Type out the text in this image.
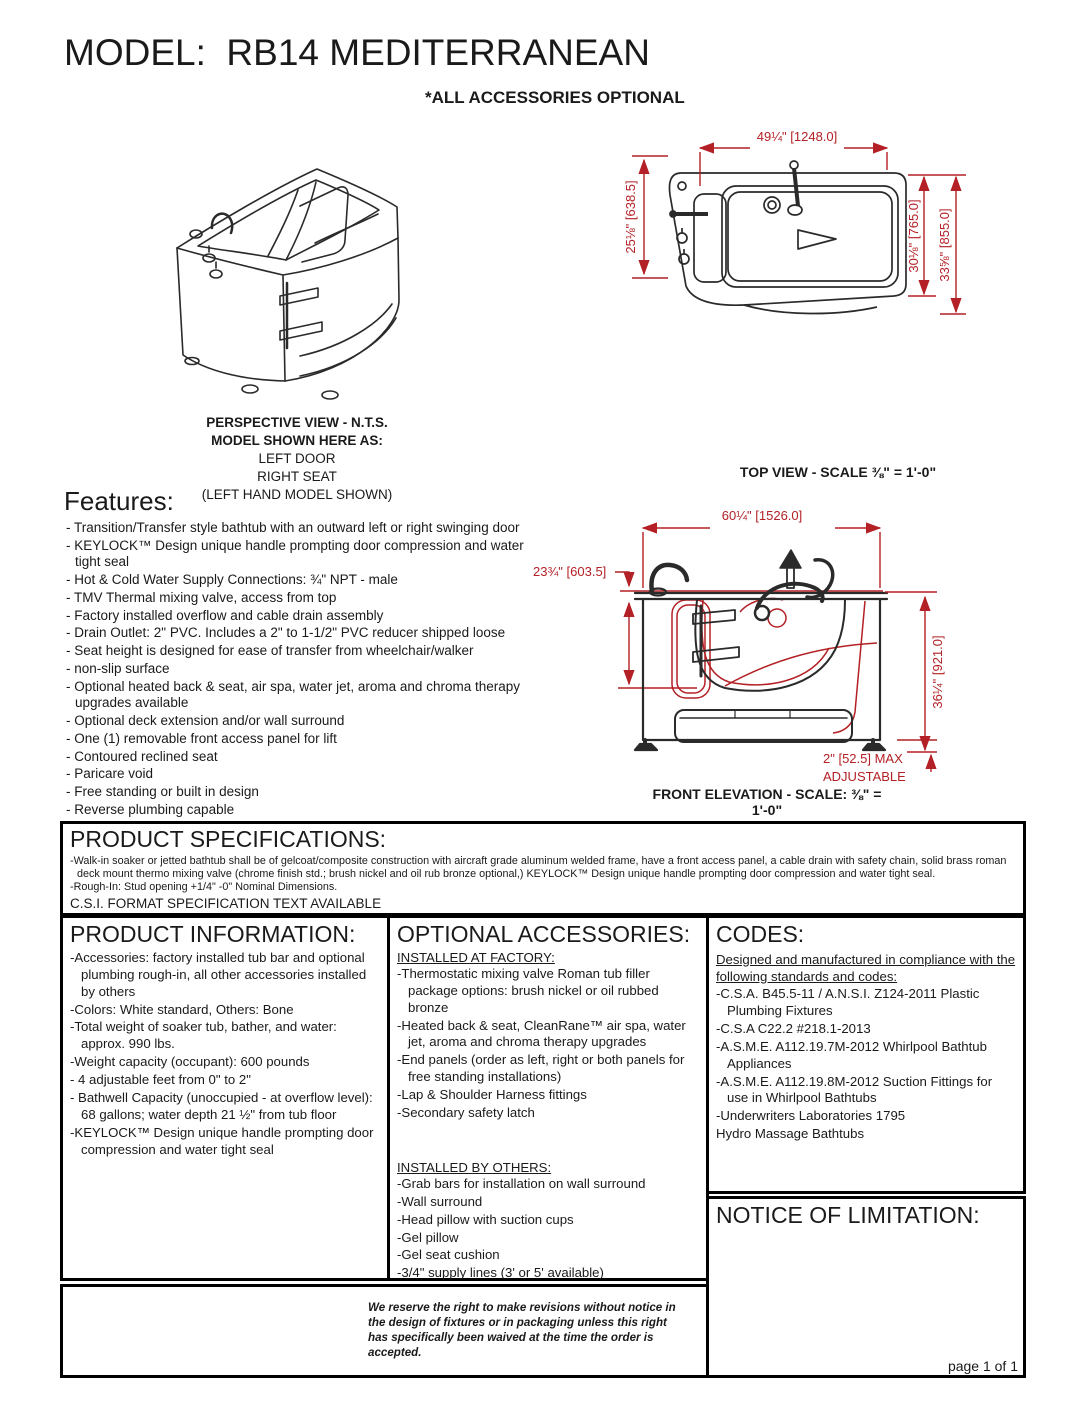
MODEL:  RB14 MEDITERRANEAN
*ALL ACCESSORIES OPTIONAL
PERSPECTIVE VIEW - N.T.S.
MODEL SHOWN HERE AS:
LEFT DOOR
RIGHT SEAT
(LEFT HAND MODEL SHOWN)
49¼" [1248.0]
25⅛" [638.5]	30⅛" [765.0] 33⅝" [855.0]
TOP VIEW - SCALE ⅜" = 1'-0"
Features:
- Transition/Transfer style bathtub with an outward left or right swinging door
- KEYLOCK™ Design unique handle prompting door compression and water tight seal
- Hot & Cold Water Supply Connections: ¾" NPT - male
- TMV Thermal mixing valve, access from top
- Factory installed overflow and cable drain assembly
- Drain Outlet: 2" PVC. Includes a 2" to 1-1/2" PVC reducer shipped loose
- Seat height is designed for ease of transfer from wheelchair/walker
- non-slip surface
- Optional heated back & seat, air spa, water jet, aroma and chroma therapy upgrades available
- Optional deck extension and/or wall surround
- One (1) removable front access panel for lift
- Contoured reclined seat
- Paricare void
- Free standing or built in design
- Reverse plumbing capable
60¼" [1526.0]
23¾" [603.5]
36¼" [921.0]
2" [52.5] MAX
ADJUSTABLE
FRONT ELEVATION - SCALE: ⅜" = 1'-0"
PRODUCT SPECIFICATIONS:
-Walk-in soaker or jetted bathtub shall be of gelcoat/composite construction with aircraft grade aluminum welded frame, have a front access panel, a cable drain with safety chain, solid brass roman deck mount thermo mixing valve (chrome finish std.; brush nickel and oil rub bronze optional,) KEYLOCK™ Design unique handle prompting door compression and water tight seal.
-Rough-In: Stud opening +1/4" -0" Nominal Dimensions.
C.S.I. FORMAT SPECIFICATION TEXT AVAILABLE
PRODUCT INFORMATION:
-Accessories: factory installed tub bar and optional plumbing rough-in, all other accessories installed by others
-Colors: White standard, Others: Bone
-Total weight of soaker tub, bather, and water: approx. 990 lbs.
-Weight capacity (occupant): 600 pounds
- 4 adjustable feet from 0" to 2"
- Bathwell Capacity (unoccupied - at overflow level): 68 gallons; water depth 21 ½" from tub floor
-KEYLOCK™ Design unique handle prompting door compression and water tight seal
OPTIONAL ACCESSORIES:
INSTALLED AT FACTORY:
-Thermostatic mixing valve Roman tub filler package options: brush nickel or oil rubbed bronze
-Heated back & seat, CleanRane™ air spa, water jet, aroma and chroma therapy upgrades
-End panels (order as left, right or both panels for free standing installations)
-Lap & Shoulder Harness fittings
-Secondary safety latch
INSTALLED BY OTHERS:
-Grab bars for installation on wall surround
-Wall surround
-Head pillow with suction cups
-Gel pillow
-Gel seat cushion
-3/4" supply lines (3' or 5' available)
CODES:
Designed and manufactured in compliance with the following standards and codes:
-C.S.A. B45.5-11 / A.N.S.I. Z124-2011 Plastic Plumbing Fixtures
-C.S.A C22.2 #218.1-2013
-A.S.M.E. A112.19.7M-2012 Whirlpool Bathtub Appliances
-A.S.M.E. A112.19.8M-2012 Suction Fittings for use in Whirlpool Bathtubs
-Underwriters Laboratories 1795
Hydro Massage Bathtubs
NOTICE OF LIMITATION:
page 1 of 1
We reserve the right to make revisions without notice in the design of fixtures or in packaging unless this right has specifically been waived at the time the order is accepted.
